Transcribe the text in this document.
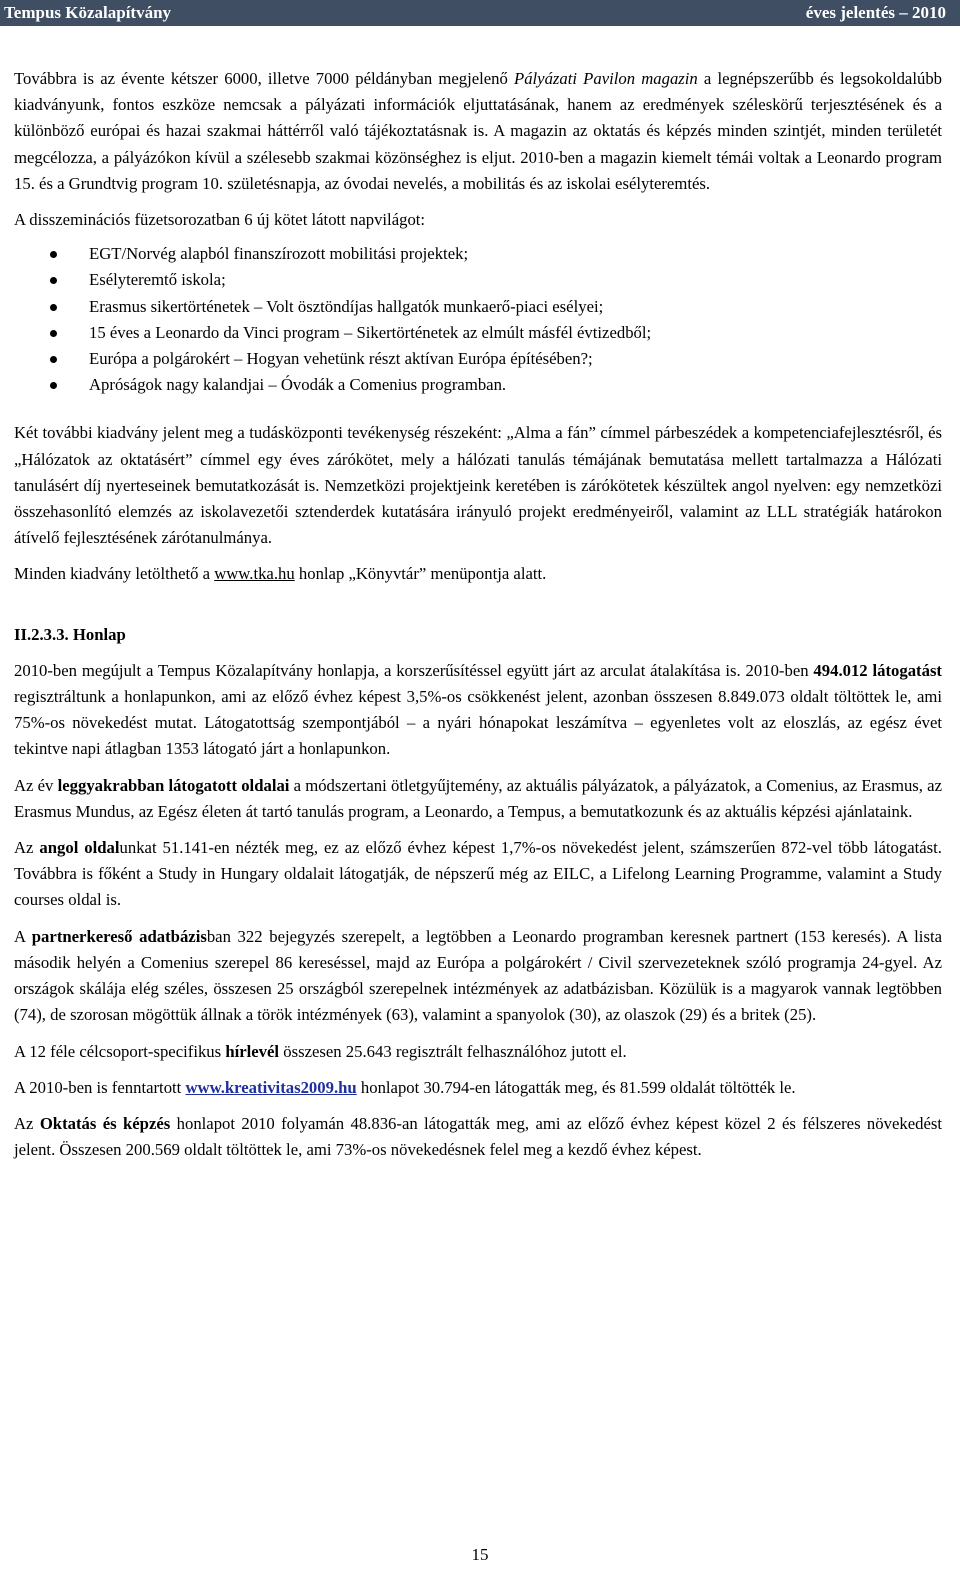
Tempus Közalapítvány	éves jelentés – 2010

Továbbra is az évente kétszer 6000, illetve 7000 példányban megjelenő Pályázati Pavilon magazin a legnépszerűbb és legsokoldalúbb kiadványunk, fontos eszköze nemcsak a pályázati információk eljuttatásának, hanem az eredmények széleskörű terjesztésének és a különböző európai és hazai szakmai háttérről való tájékoztatásnak is. A magazin az oktatás és képzés minden szintjét, minden területét megcélozza, a pályázókon kívül a szélesebb szakmai közönséghez is eljut. 2010-ben a magazin kiemelt témái voltak a Leonardo program 15. és a Grundtvig program 10. születésnapja, az óvodai nevelés, a mobilitás és az iskolai esélyteremtés.

A disszeminációs füzetsorozatban 6 új kötet látott napvilágot:

EGT/Norvég alapból finanszírozott mobilitási projektek;
Esélyteremtő iskola;
Erasmus sikertörténetek – Volt ösztöndíjas hallgatók munkaerő-piaci esélyei;
15 éves a Leonardo da Vinci program – Sikertörténetek az elmúlt másfél évtizedből;
Európa a polgárokért – Hogyan vehetünk részt aktívan Európa építésében?;
Apróságok nagy kalandjai – Óvodák a Comenius programban.

Két további kiadvány jelent meg a tudásközponti tevékenység részeként: „Alma a fán” címmel párbeszédek a kompetenciafejlesztésről, és „Hálózatok az oktatásért” címmel egy éves zárókötet, mely a hálózati tanulás témájának bemutatása mellett tartalmazza a Hálózati tanulásért díj nyerteseinek bemutatkozását is. Nemzetközi projektjeink keretében is zárókötetek készültek angol nyelven: egy nemzetközi összehasonlító elemzés az iskolavezetői sztenderdek kutatására irányuló projekt eredményeiről, valamint az LLL stratégiák határokon átívelő fejlesztésének zárótanulmánya.

Minden kiadvány letölthető a www.tka.hu honlap „Könyvtár” menüpontja alatt.

II.2.3.3. Honlap

2010-ben megújult a Tempus Közalapítvány honlapja, a korszerűsítéssel együtt járt az arculat átalakítása is. 2010-ben 494.012 látogatást regisztráltunk a honlapunkon, ami az előző évhez képest 3,5%-os csökkenést jelent, azonban összesen 8.849.073 oldalt töltöttek le, ami 75%-os növekedést mutat. Látogatottság szempontjából – a nyári hónapokat leszámítva – egyenletes volt az eloszlás, az egész évet tekintve napi átlagban 1353 látogató járt a honlapunkon.

Az év leggyakrabban látogatott oldalai a módszertani ötletgyűjtemény, az aktuális pályázatok, a pályázatok, a Comenius, az Erasmus, az Erasmus Mundus, az Egész életen át tartó tanulás program, a Leonardo, a Tempus, a bemutatkozunk és az aktuális képzési ajánlataink.

Az angol oldalunkat 51.141-en nézték meg, ez az előző évhez képest 1,7%-os növekedést jelent, számszerűen 872-vel több látogatást. Továbbra is főként a Study in Hungary oldalait látogatják, de népszerű még az EILC, a Lifelong Learning Programme, valamint a Study courses oldal is.

A partnerkereső adatbázisban 322 bejegyzés szerepelt, a legtöbben a Leonardo programban keresnek partnert (153 keresés). A lista második helyén a Comenius szerepel 86 kereséssel, majd az Európa a polgárokért / Civil szervezeteknek szóló programja 24-gyel. Az országok skálája elég széles, összesen 25 országból szerepelnek intézmények az adatbázisban. Közülük is a magyarok vannak legtöbben (74), de szorosan mögöttük állnak a török intézmények (63), valamint a spanyolok (30), az olaszok (29) és a britek (25).

A 12 féle célcsoport-specifikus hírlevél összesen 25.643 regisztrált felhasználóhoz jutott el.

A 2010-ben is fenntartott www.kreativitas2009.hu honlapot 30.794-en látogatták meg, és 81.599 oldalát töltötték le.

Az Oktatás és képzés honlapot 2010 folyamán 48.836-an látogatták meg, ami az előző évhez képest közel 2 és félszeres növekedést jelent. Összesen 200.569 oldalt töltöttek le, ami 73%-os növekedésnek felel meg a kezdő évhez képest.

15
